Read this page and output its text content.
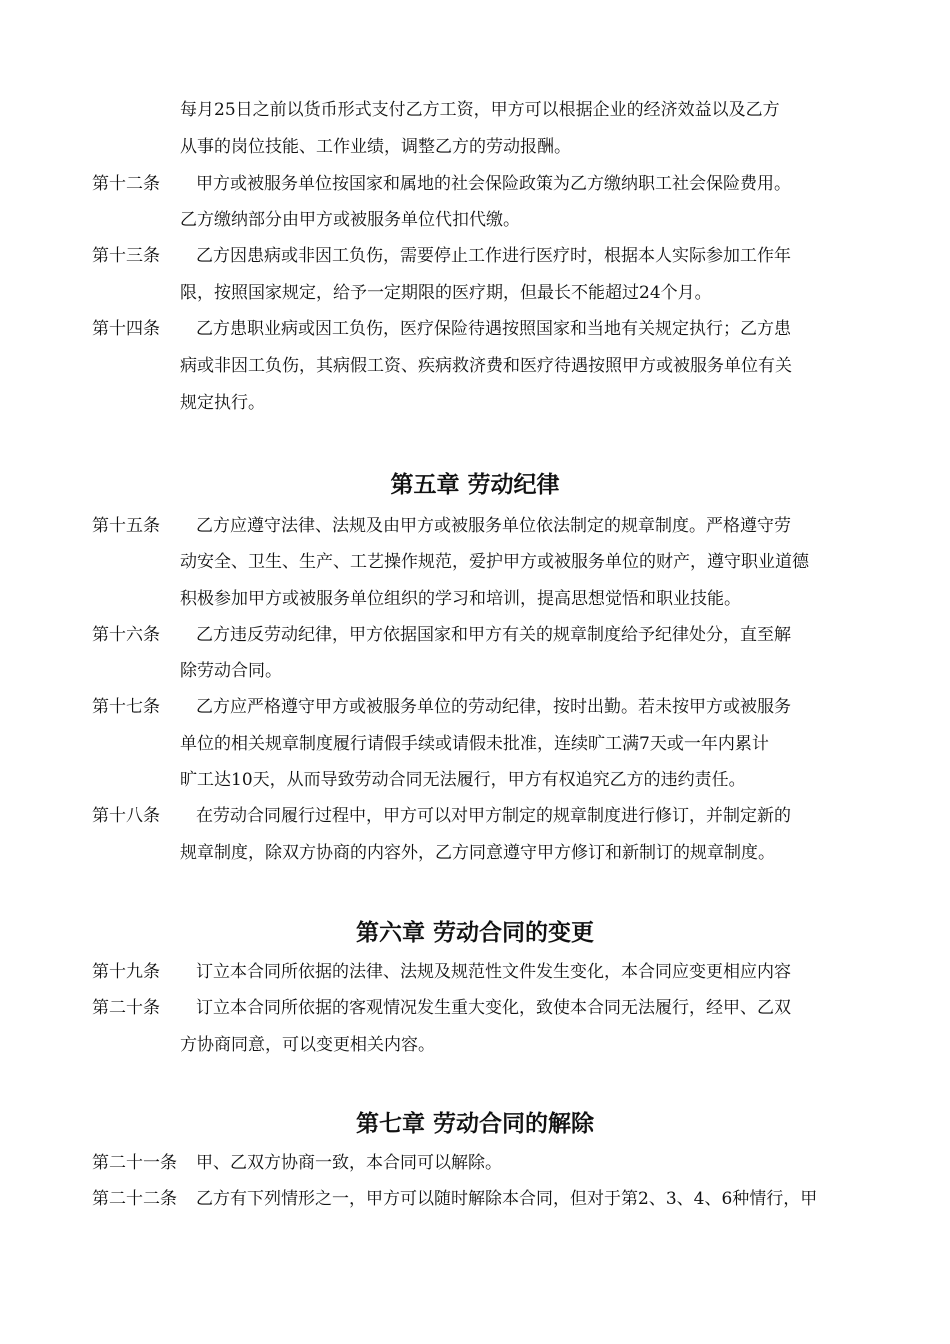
每月25日之前以货币形式支付乙方工资，甲方可以根据企业的经济效益以及乙方
从事的岗位技能、工作业绩，调整乙方的劳动报酬。
第十二条 甲方或被服务单位按国家和属地的社会保险政策为乙方缴纳职工社会保险费用。
乙方缴纳部分由甲方或被服务单位代扣代缴。
第十三条 乙方因患病或非因工负伤，需要停止工作进行医疗时，根据本人实际参加工作年
限，按照国家规定，给予一定期限的医疗期，但最长不能超过24个月。
第十四条 乙方患职业病或因工负伤，医疗保险待遇按照国家和当地有关规定执行；乙方患
病或非因工负伤，其病假工资、疾病救济费和医疗待遇按照甲方或被服务单位有关
规定执行。
第五章 劳动纪律
第十五条 乙方应遵守法律、法规及由甲方或被服务单位依法制定的规章制度。严格遵守劳
动安全、卫生、生产、工艺操作规范，爱护甲方或被服务单位的财产，遵守职业道德
积极参加甲方或被服务单位组织的学习和培训，提高思想觉悟和职业技能。
第十六条 乙方违反劳动纪律，甲方依据国家和甲方有关的规章制度给予纪律处分，直至解
除劳动合同。
第十七条 乙方应严格遵守甲方或被服务单位的劳动纪律，按时出勤。若未按甲方或被服务
单位的相关规章制度履行请假手续或请假未批准，连续旷工满7天或一年内累计
旷工达10天，从而导致劳动合同无法履行，甲方有权追究乙方的违约责任。
第十八条 在劳动合同履行过程中，甲方可以对甲方制定的规章制度进行修订，并制定新的
规章制度，除双方协商的内容外，乙方同意遵守甲方修订和新制订的规章制度。
第六章 劳动合同的变更
第十九条 订立本合同所依据的法律、法规及规范性文件发生变化，本合同应变更相应内容
第二十条 订立本合同所依据的客观情况发生重大变化，致使本合同无法履行，经甲、乙双
方协商同意，可以变更相关内容。
第七章 劳动合同的解除
第二十一条 甲、乙双方协商一致，本合同可以解除。
第二十二条 乙方有下列情形之一，甲方可以随时解除本合同，但对于第2、3、4、6种情行，甲
